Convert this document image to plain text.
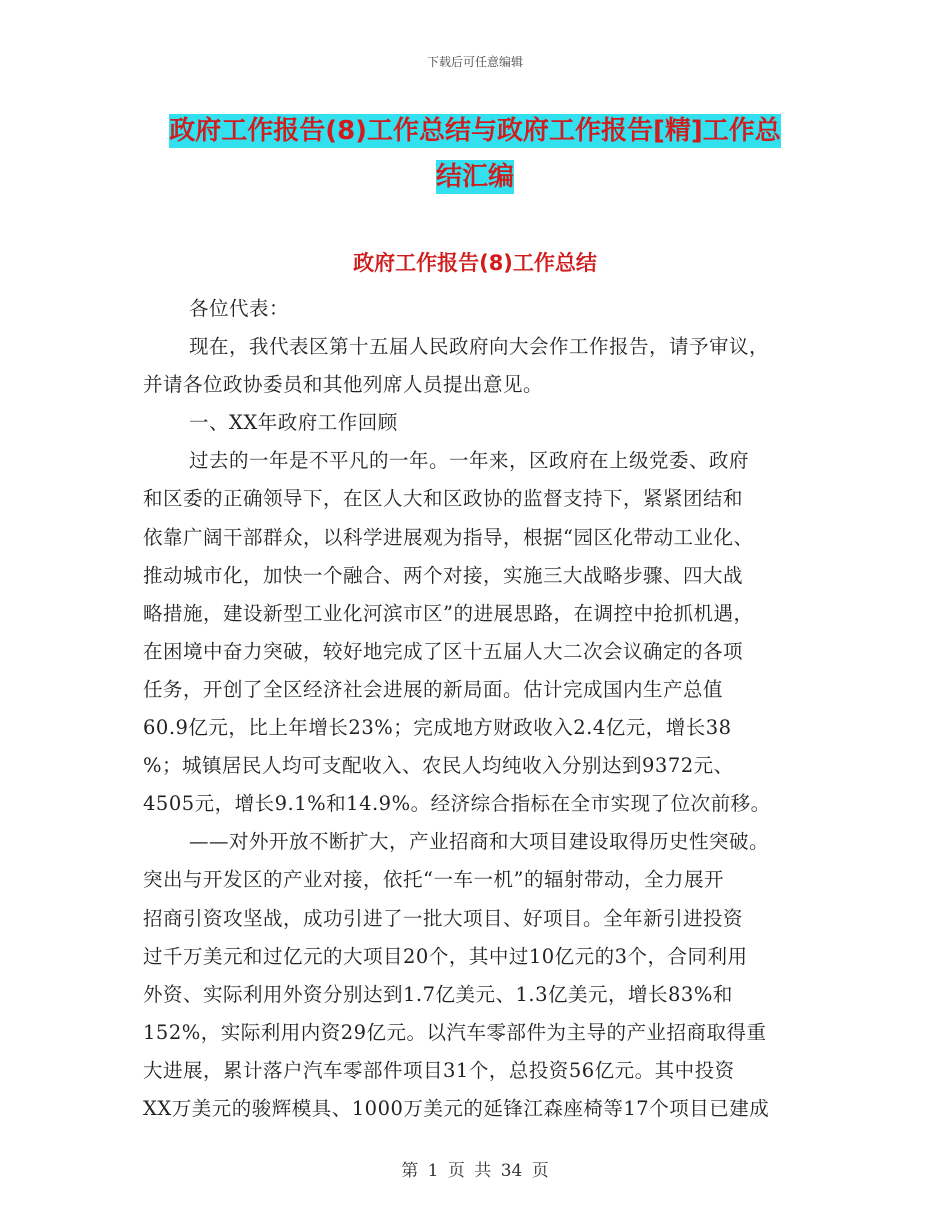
下载后可任意编辑
政府工作报告(8)工作总结与政府工作报告[精]工作总
结汇编
政府工作报告(8)工作总结
各位代表：
现在，我代表区第十五届人民政府向大会作工作报告，请予审议，
并请各位政协委员和其他列席人员提出意见。
一、XX年政府工作回顾
过去的一年是不平凡的一年。一年来，区政府在上级党委、政府
和区委的正确领导下，在区人大和区政协的监督支持下，紧紧团结和
依靠广阔干部群众，以科学进展观为指导，根据“园区化带动工业化、
推动城市化，加快一个融合、两个对接，实施三大战略步骤、四大战
略措施，建设新型工业化河滨市区”的进展思路，在调控中抢抓机遇，
在困境中奋力突破，较好地完成了区十五届人大二次会议确定的各项
任务，开创了全区经济社会进展的新局面。估计完成国内生产总值
60.9亿元，比上年增长23%；完成地方财政收入2.4亿元，增长38
%；城镇居民人均可支配收入、农民人均纯收入分别达到9372元、
4505元，增长9.1%和14.9%。经济综合指标在全市实现了位次前移。
——对外开放不断扩大，产业招商和大项目建设取得历史性突破。
突出与开发区的产业对接，依托“一车一机”的辐射带动，全力展开
招商引资攻坚战，成功引进了一批大项目、好项目。全年新引进投资
过千万美元和过亿元的大项目20个，其中过10亿元的3个，合同利用
外资、实际利用外资分别达到1.7亿美元、1.3亿美元，增长83%和
152%，实际利用内资29亿元。以汽车零部件为主导的产业招商取得重
大进展，累计落户汽车零部件项目31个，总投资56亿元。其中投资
XX万美元的骏辉模具、1000万美元的延锋江森座椅等17个项目已建成
第 1 页 共 34 页
